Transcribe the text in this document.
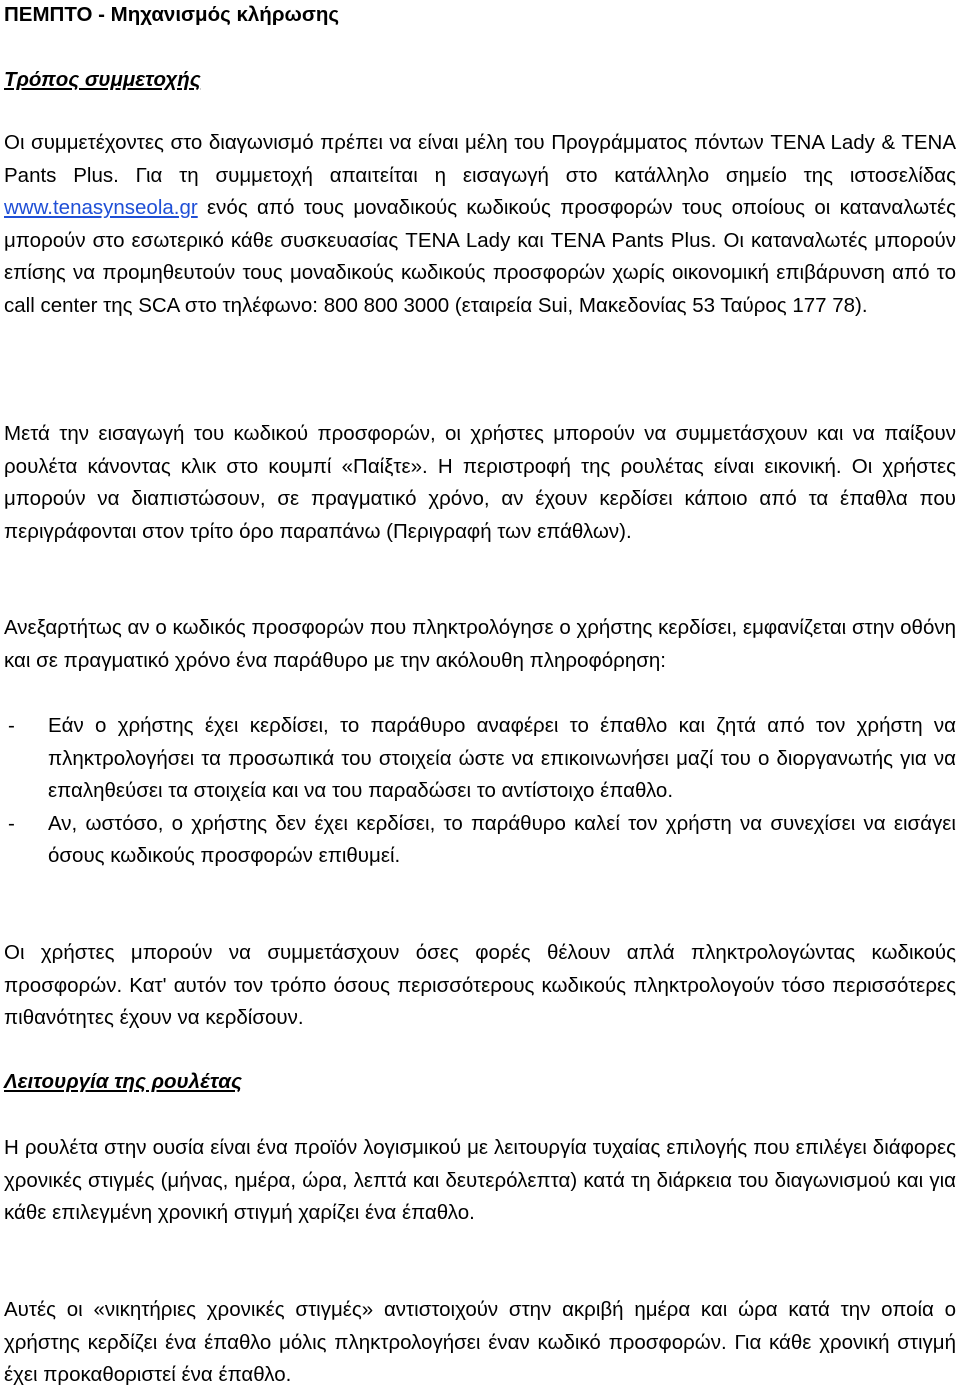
ΠΕΜΠΤΟ - Μηχανισμός κλήρωσης
Τρόπος συμμετοχής

Οι συμμετέχοντες στο διαγωνισμό πρέπει να είναι μέλη του Προγράμματος πόντων TENA Lady & TENA Pants Plus. Για τη συμμετοχή απαιτείται η εισαγωγή στο κατάλληλο σημείο της ιστοσελίδας www.tenasynseola.gr ενός από τους μοναδικούς κωδικούς προσφορών τους οποίους οι καταναλωτές μπορούν στο εσωτερικό κάθε συσκευασίας TENA Lady και TENA Pants Plus. Οι καταναλωτές μπορούν επίσης να προμηθευτούν τους μοναδικούς κωδικούς προσφορών χωρίς οικονομική επιβάρυνση από το call center της SCA στο τηλέφωνο: 800 800 3000 (εταιρεία Sui, Μακεδονίας 53 Ταύρος 177 78).

Μετά την εισαγωγή του κωδικού προσφορών, οι χρήστες μπορούν να συμμετάσχουν και να παίξουν ρουλέτα κάνοντας κλικ στο κουμπί «Παίξτε». Η περιστροφή της ρουλέτας είναι εικονική. Οι χρήστες μπορούν να διαπιστώσουν, σε πραγματικό χρόνο, αν έχουν κερδίσει κάποιο από τα έπαθλα που περιγράφονται στον τρίτο όρο παραπάνω (Περιγραφή των επάθλων).

Ανεξαρτήτως αν ο κωδικός προσφορών που πληκτρολόγησε ο χρήστης κερδίσει, εμφανίζεται στην οθόνη και σε πραγματικό χρόνο ένα παράθυρο με την ακόλουθη πληροφόρηση:

- Εάν ο χρήστης έχει κερδίσει, το παράθυρο αναφέρει το έπαθλο και ζητά από τον χρήστη να πληκτρολογήσει τα προσωπικά του στοιχεία ώστε να επικοινωνήσει μαζί του ο διοργανωτής για να επαληθεύσει τα στοιχεία και να του παραδώσει το αντίστοιχο έπαθλο.
- Αν, ωστόσο, ο χρήστης δεν έχει κερδίσει, το παράθυρο καλεί τον χρήστη να συνεχίσει να εισάγει όσους κωδικούς προσφορών επιθυμεί.

Οι χρήστες μπορούν να συμμετάσχουν όσες φορές θέλουν απλά πληκτρολογώντας κωδικούς προσφορών. Κατ' αυτόν τον τρόπο όσους περισσότερους κωδικούς πληκτρολογούν τόσο περισσότερες πιθανότητες έχουν να κερδίσουν.

Λειτουργία της ρουλέτας

Η ρουλέτα στην ουσία είναι ένα προϊόν λογισμικού με λειτουργία τυχαίας επιλογής που επιλέγει διάφορες χρονικές στιγμές (μήνας, ημέρα, ώρα, λεπτά και δευτερόλεπτα) κατά τη διάρκεια του διαγωνισμού και για κάθε επιλεγμένη χρονική στιγμή χαρίζει ένα έπαθλο.

Αυτές οι «νικητήριες χρονικές στιγμές» αντιστοιχούν στην ακριβή ημέρα και ώρα κατά την οποία ο χρήστης κερδίζει ένα έπαθλο μόλις πληκτρολογήσει έναν κωδικό προσφορών. Για κάθε χρονική στιγμή έχει προκαθοριστεί ένα έπαθλο.
